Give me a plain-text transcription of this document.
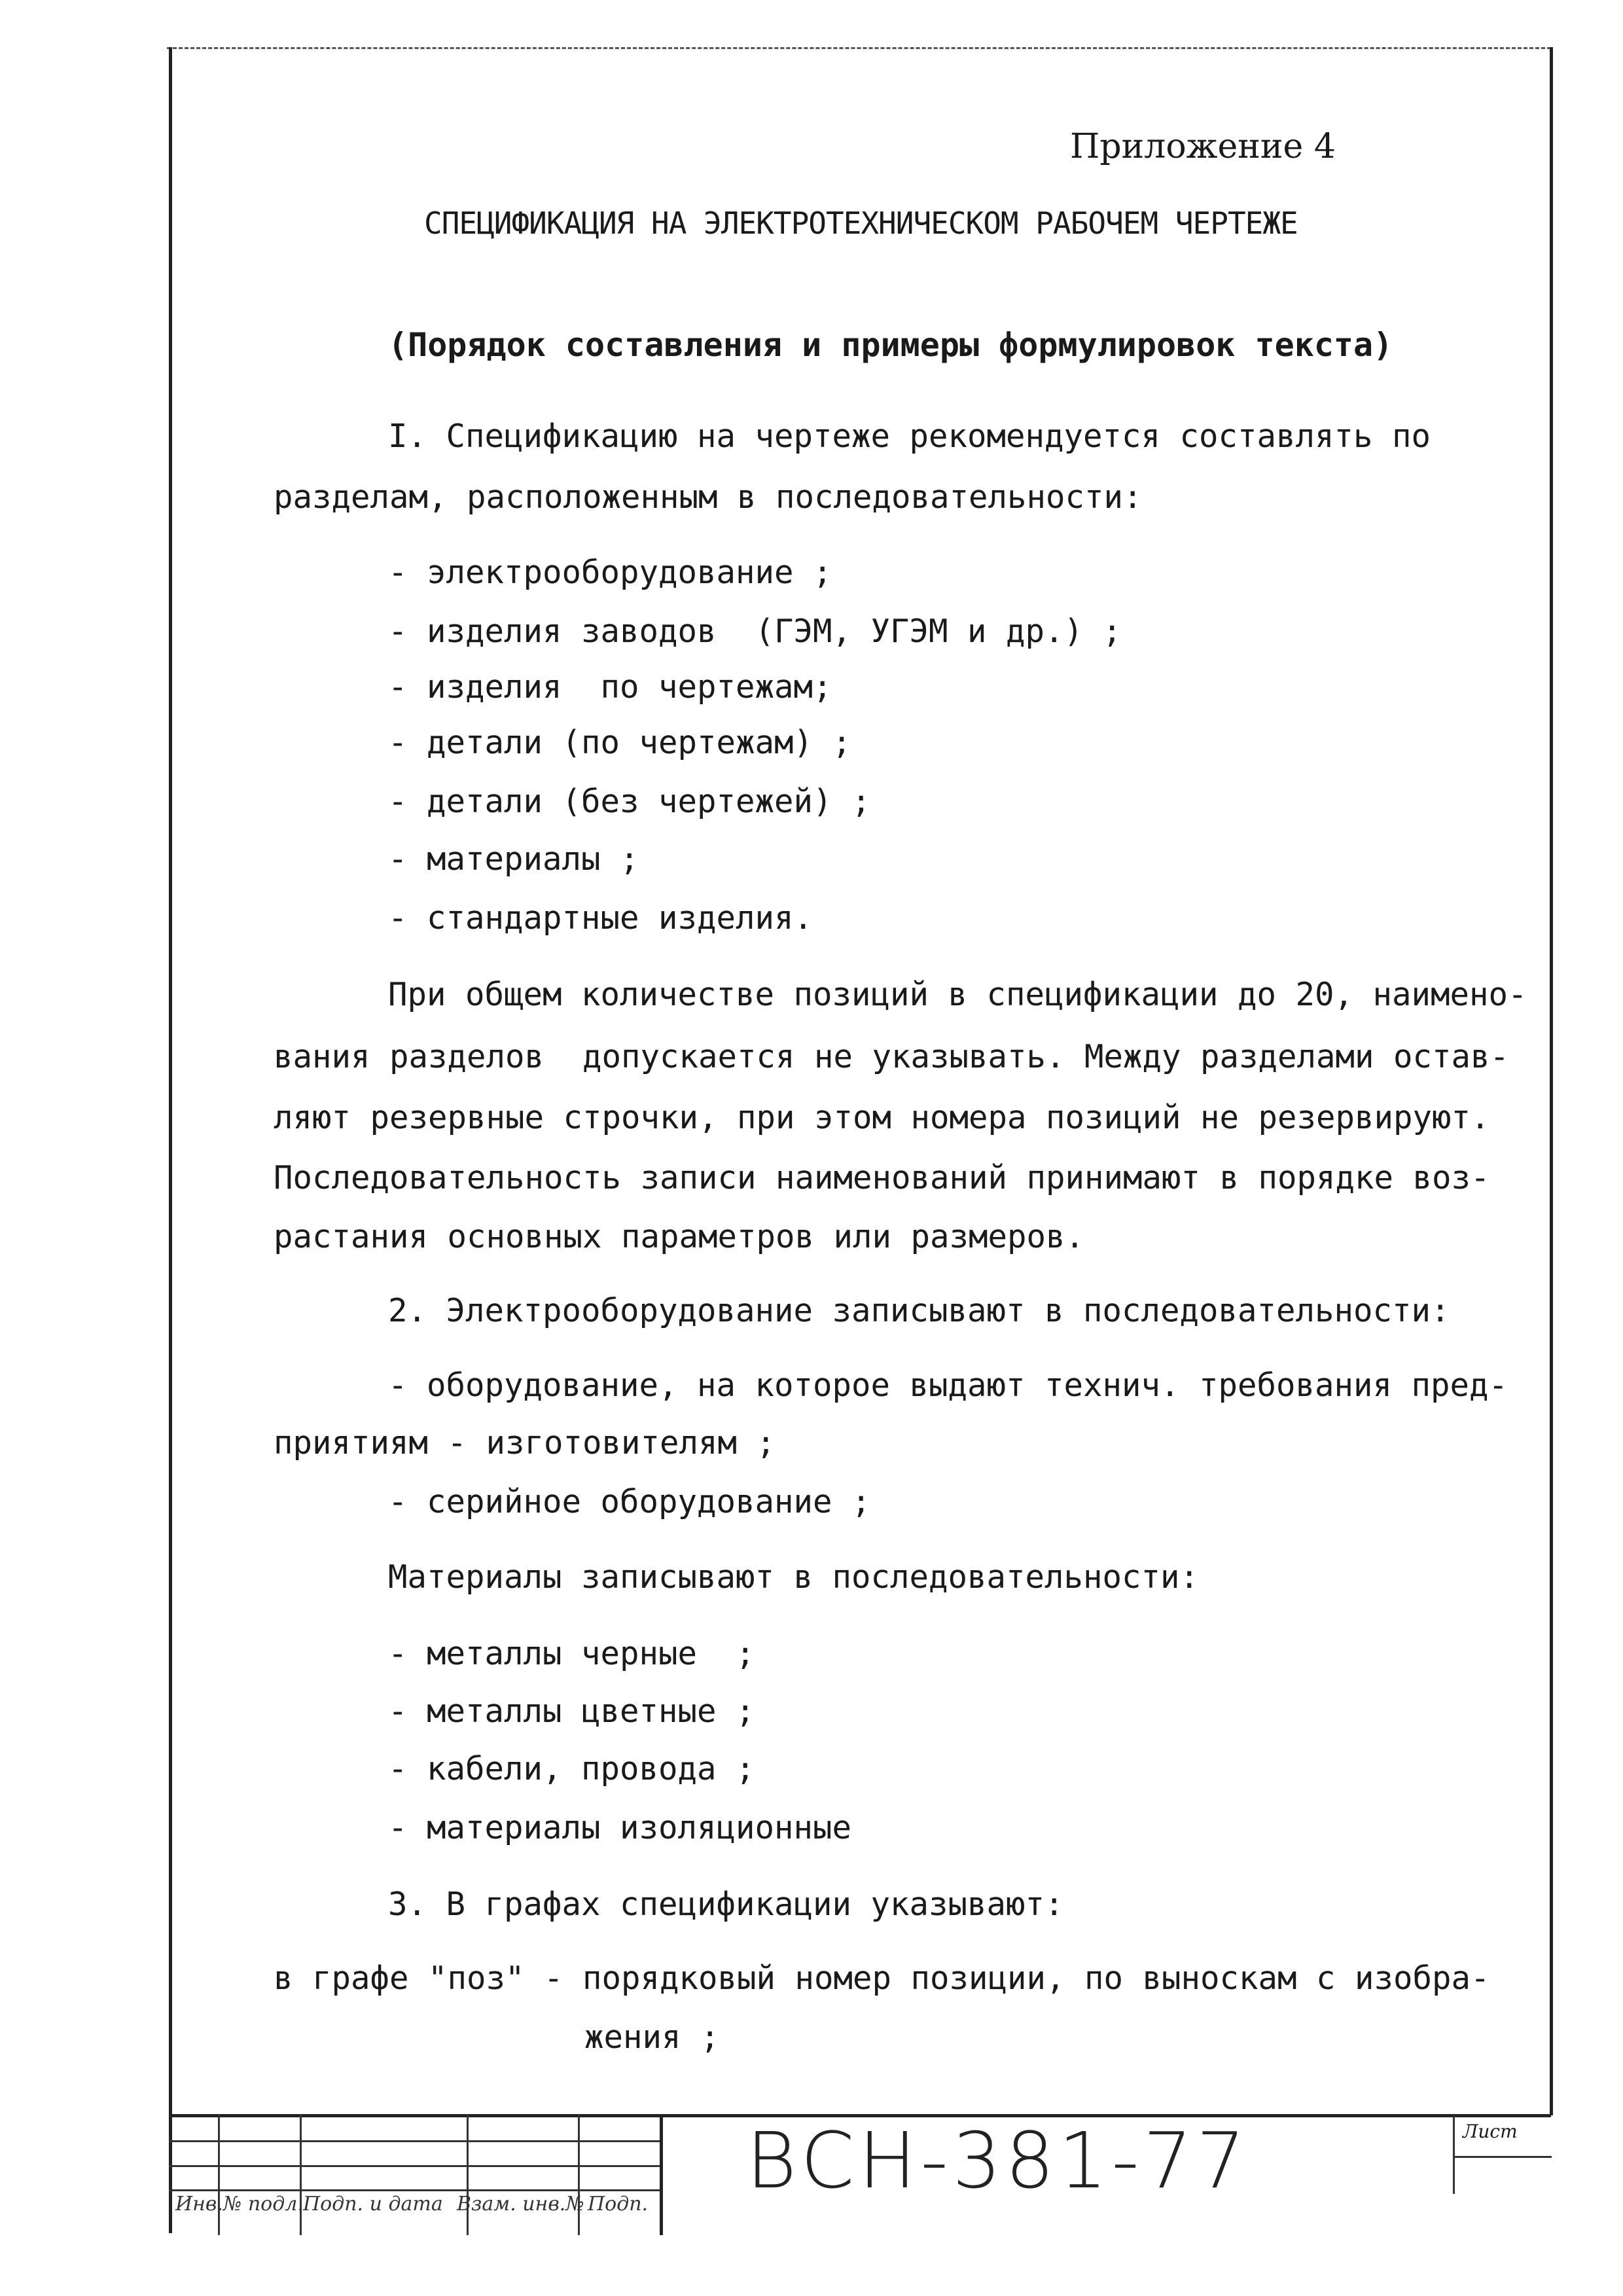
Приложение 4

СПЕЦИФИКАЦИЯ НА ЭЛЕКТРОТЕХНИЧЕСКОМ РАБОЧЕМ ЧЕРТЕЖЕ

(Порядок составления и примеры формулировок текста)

I. Спецификацию на чертеже рекомендуется составлять по

разделам, расположенным в последовательности:

- электрооборудование ;

- изделия заводов  (ГЭМ, УГЭМ и др.) ;

- изделия  по чертежам;

- детали (по чертежам) ;

- детали (без чертежей) ;

- материалы ;

- стандартные изделия.

При общем количестве позиций в спецификации до 20, наимено-

вания разделов  допускается не указывать. Между разделами остав-

ляют резервные строчки, при этом номера позиций не резервируют.

Последовательность записи наименований принимают в порядке воз-

растания основных параметров или размеров.

2. Электрооборудование записывают в последовательности:

- оборудование, на которое выдают технич. требования пред-

приятиям - изготовителям ;

- серийное оборудование ;

Материалы записывают в последовательности:

- металлы черные  ;

- металлы цветные ;

- кабели, провода ;

- материалы изоляционные

3. В графах спецификации указывают:

в графе "поз" - порядковый номер позиции, по выноскам с изобра-

жения ;

Инв.№ подл. Подп. и дата Взам. инв.№ Подп. ВСН-381-77	Лист
